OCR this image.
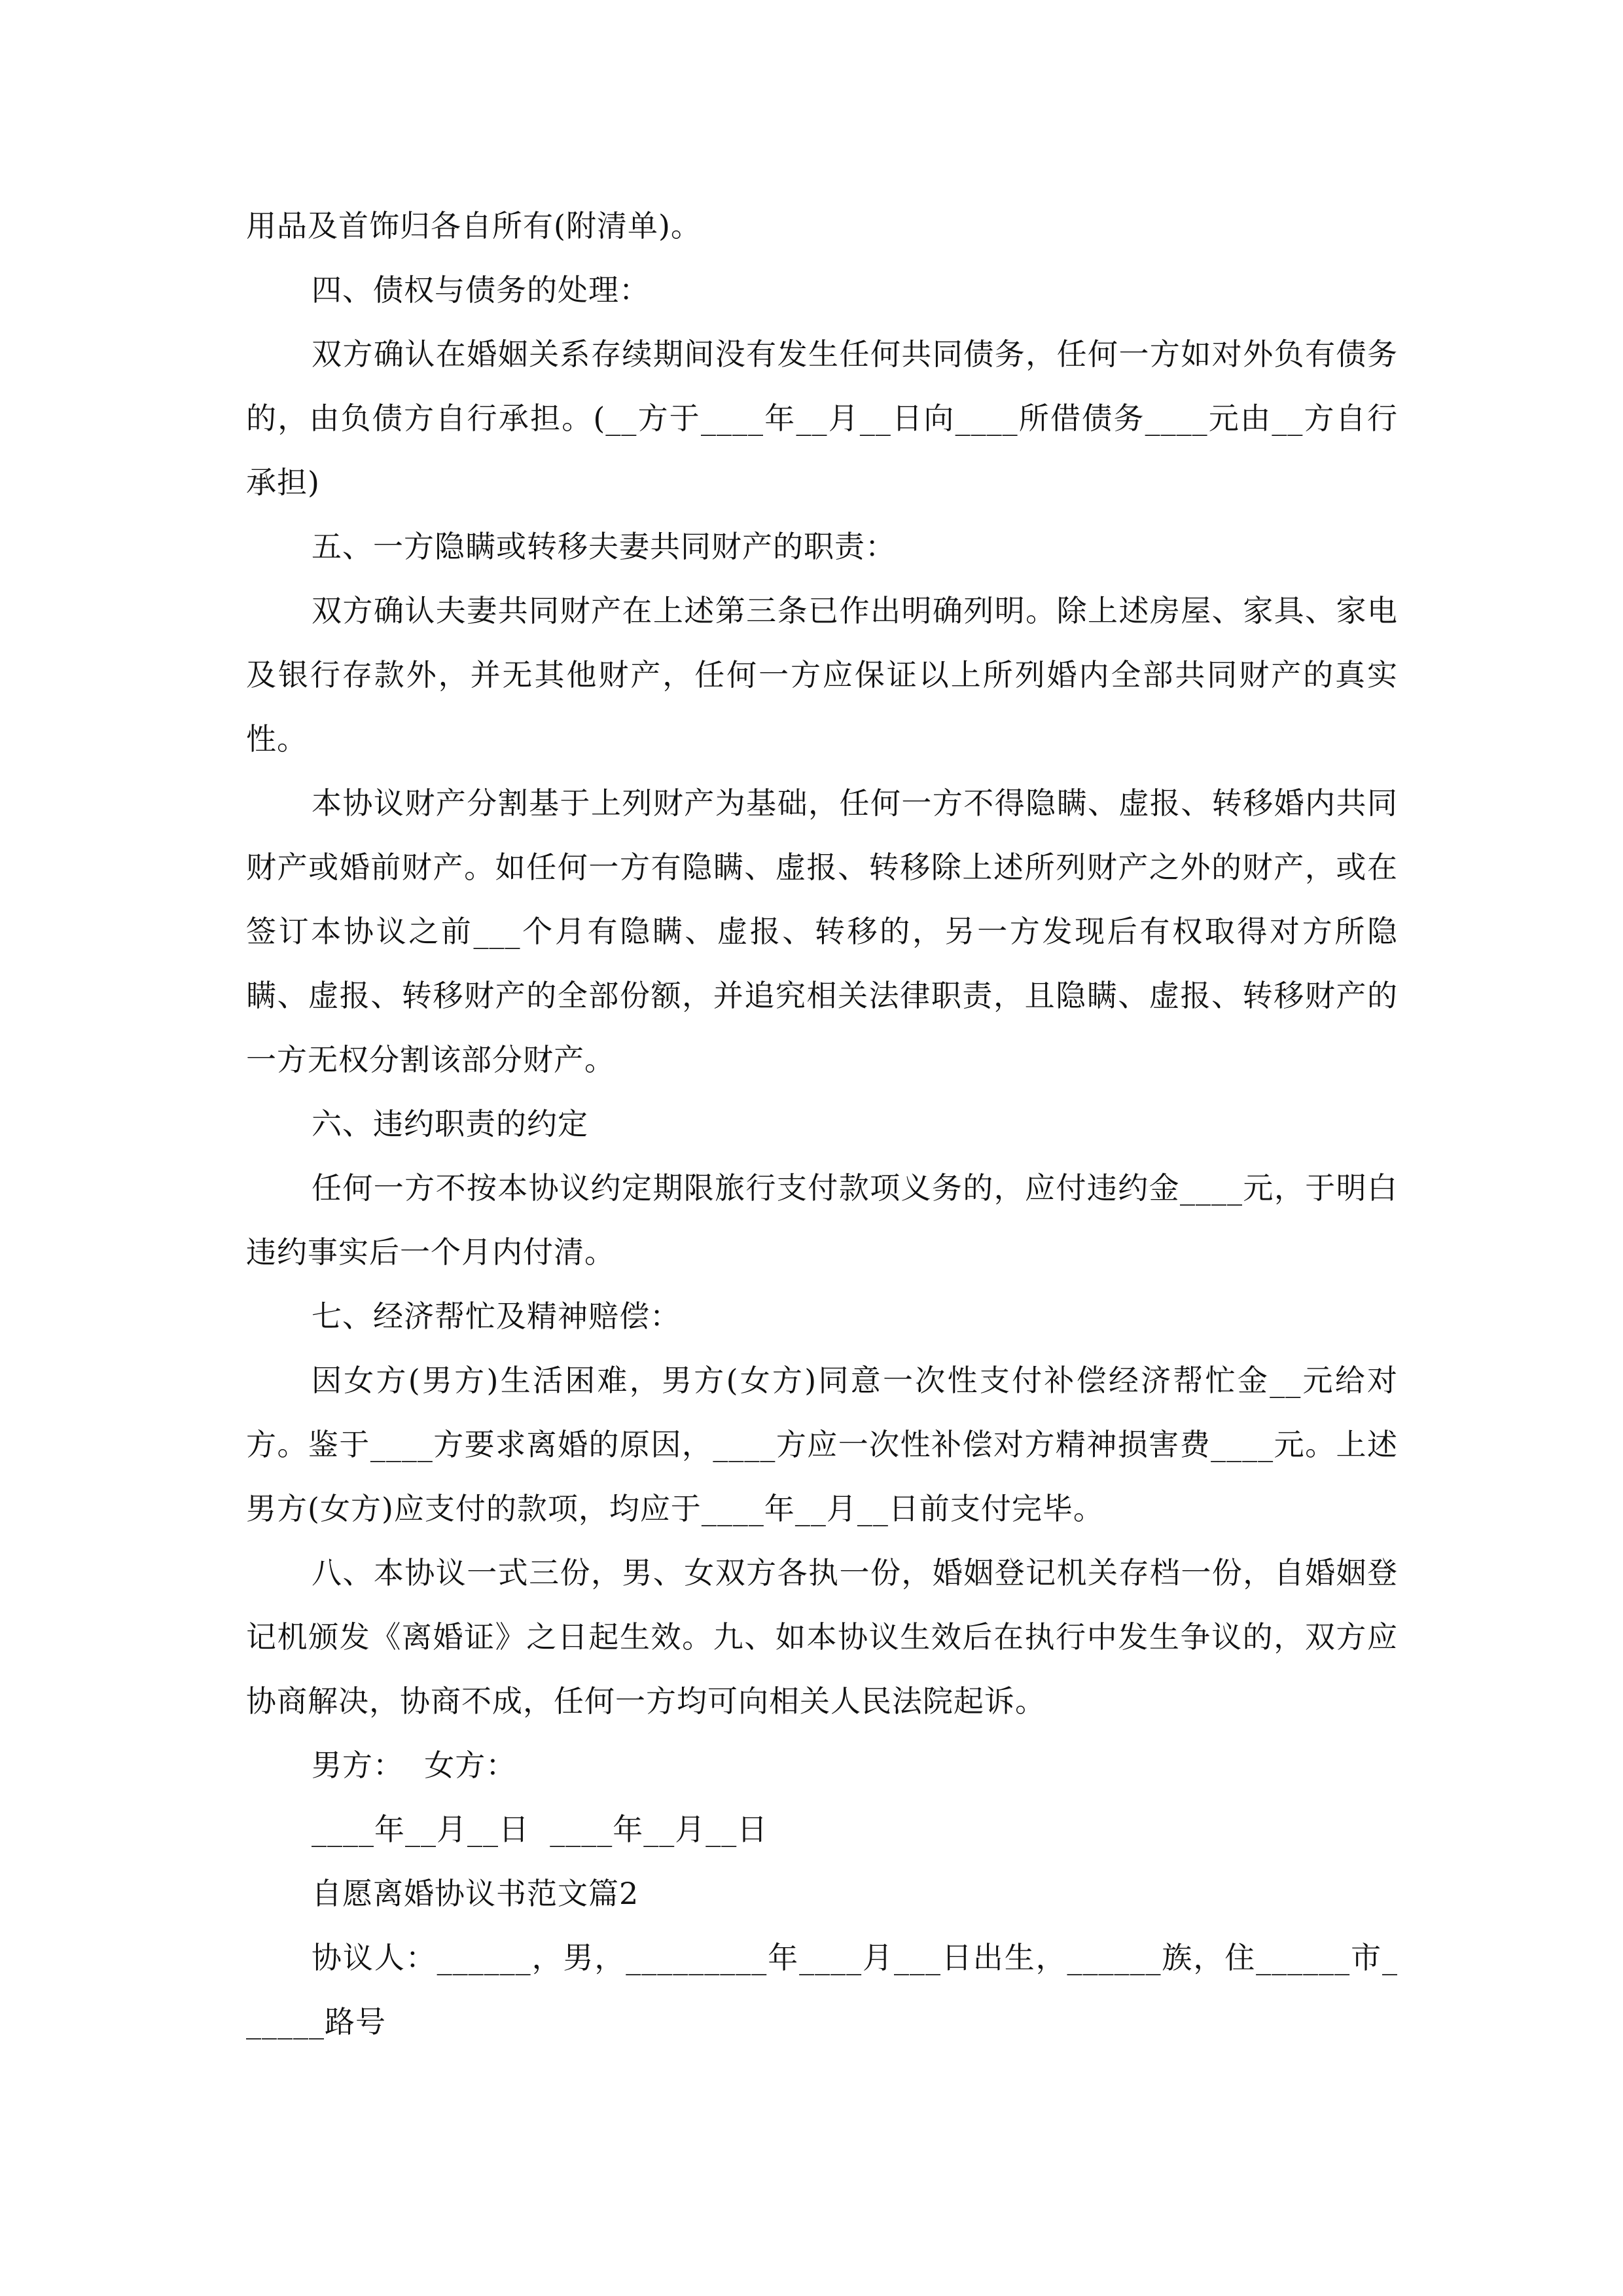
用品及首饰归各自所有(附清单)。

四、债权与债务的处理：

双方确认在婚姻关系存续期间没有发生任何共同债务，任何一方如对外负有债务的，由负债方自行承担。(__方于____年__月__日向____所借债务____元由__方自行承担)

五、一方隐瞒或转移夫妻共同财产的职责：

双方确认夫妻共同财产在上述第三条已作出明确列明。除上述房屋、家具、家电及银行存款外，并无其他财产，任何一方应保证以上所列婚内全部共同财产的真实性。

本协议财产分割基于上列财产为基础，任何一方不得隐瞒、虚报、转移婚内共同财产或婚前财产。如任何一方有隐瞒、虚报、转移除上述所列财产之外的财产，或在签订本协议之前___个月有隐瞒、虚报、转移的，另一方发现后有权取得对方所隐瞒、虚报、转移财产的全部份额，并追究相关法律职责，且隐瞒、虚报、转移财产的一方无权分割该部分财产。

六、违约职责的约定

任何一方不按本协议约定期限旅行支付款项义务的，应付违约金____元，于明白违约事实后一个月内付清。

七、经济帮忙及精神赔偿：

因女方(男方)生活困难，男方(女方)同意一次性支付补偿经济帮忙金__元给对方。鉴于____方要求离婚的原因，____方应一次性补偿对方精神损害费____元。上述男方(女方)应支付的款项，均应于____年__月__日前支付完毕。

八、本协议一式三份，男、女双方各执一份，婚姻登记机关存档一份，自婚姻登记机颁发《离婚证》之日起生效。九、如本协议生效后在执行中发生争议的，双方应协商解决，协商不成，任何一方均可向相关人民法院起诉。

男方：  女方：

____年__月__日  ____年__月__日

自愿离婚协议书范文篇2

协议人：______，男，_________年____月___日出生，______族，住______市______路号
